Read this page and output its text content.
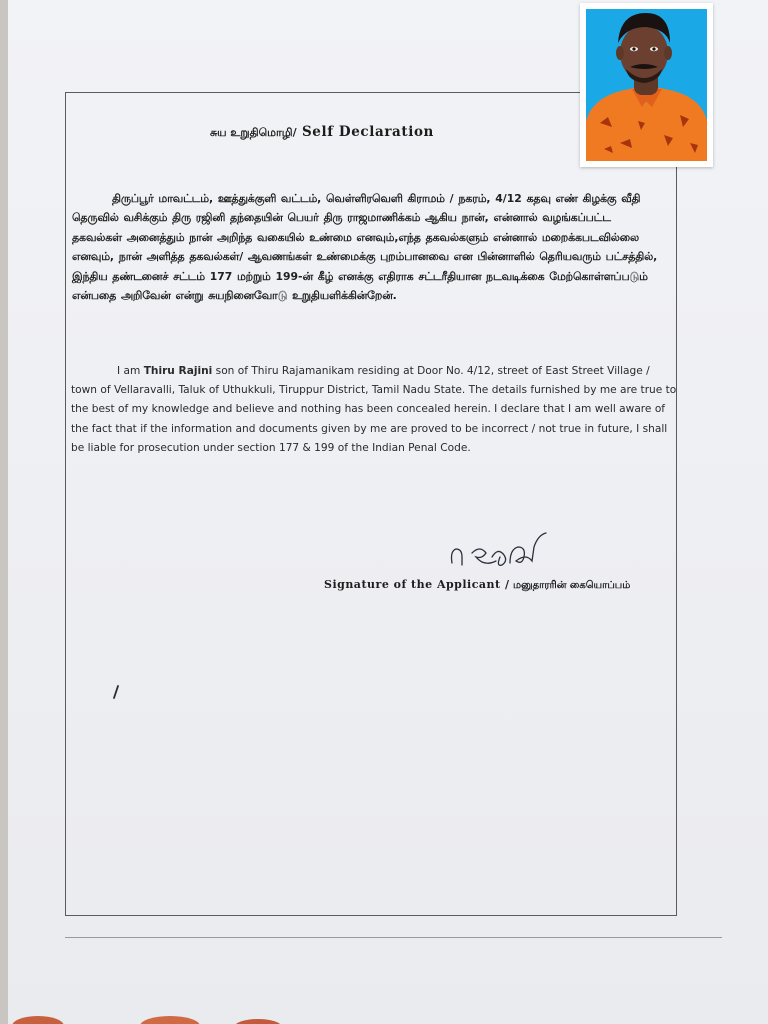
சுய உறுதிமொழி/ Self Declaration
திருப்பூர் மாவட்டம், ஊத்துக்குளி வட்டம், வெள்ளிரவெளி கிராமம் / நகரம், 4/12 கதவு எண் கிழக்கு வீதி தெருவில் வசிக்கும் திரு ரஜினி தந்தையின் பெயர் திரு ராஜமாணிக்கம் ஆகிய நான், என்னால் வழங்கப்பட்ட தகவல்கள் அனைத்தும் நான் அறிந்த வகையில் உண்மை எனவும்,எந்த தகவல்களும் என்னால் மறைக்கபடவில்லை எனவும், நான் அளித்த தகவல்கள்/ ஆவணங்கள் உண்மைக்கு புறம்பானவை என பின்னாளில் தெரியவரும் பட்சத்தில், இந்திய தண்டனைச் சட்டம் 177 மற்றும் 199-ன் கீழ் எனக்கு எதிராக சட்டரீதியான நடவடிக்கை மேற்கொள்ளப்படும் என்பதை அறிவேன் என்று சுயநினைவோடு உறுதியளிக்கின்றேன்.
I am Thiru Rajini son of Thiru Rajamanikam residing at Door No. 4/12, street of East Street Village / town of Vellaravalli, Taluk of Uthukkuli, Tiruppur District, Tamil Nadu State. The details furnished by me are true to the best of my knowledge and believe and nothing has been concealed herein. I declare that I am well aware of the fact that if the information and documents given by me are proved to be incorrect / not true in future, I shall be liable for prosecution under section 177 & 199 of the Indian Penal Code.
Signature of the Applicant / மனுதாரரின் கையொப்பம்
